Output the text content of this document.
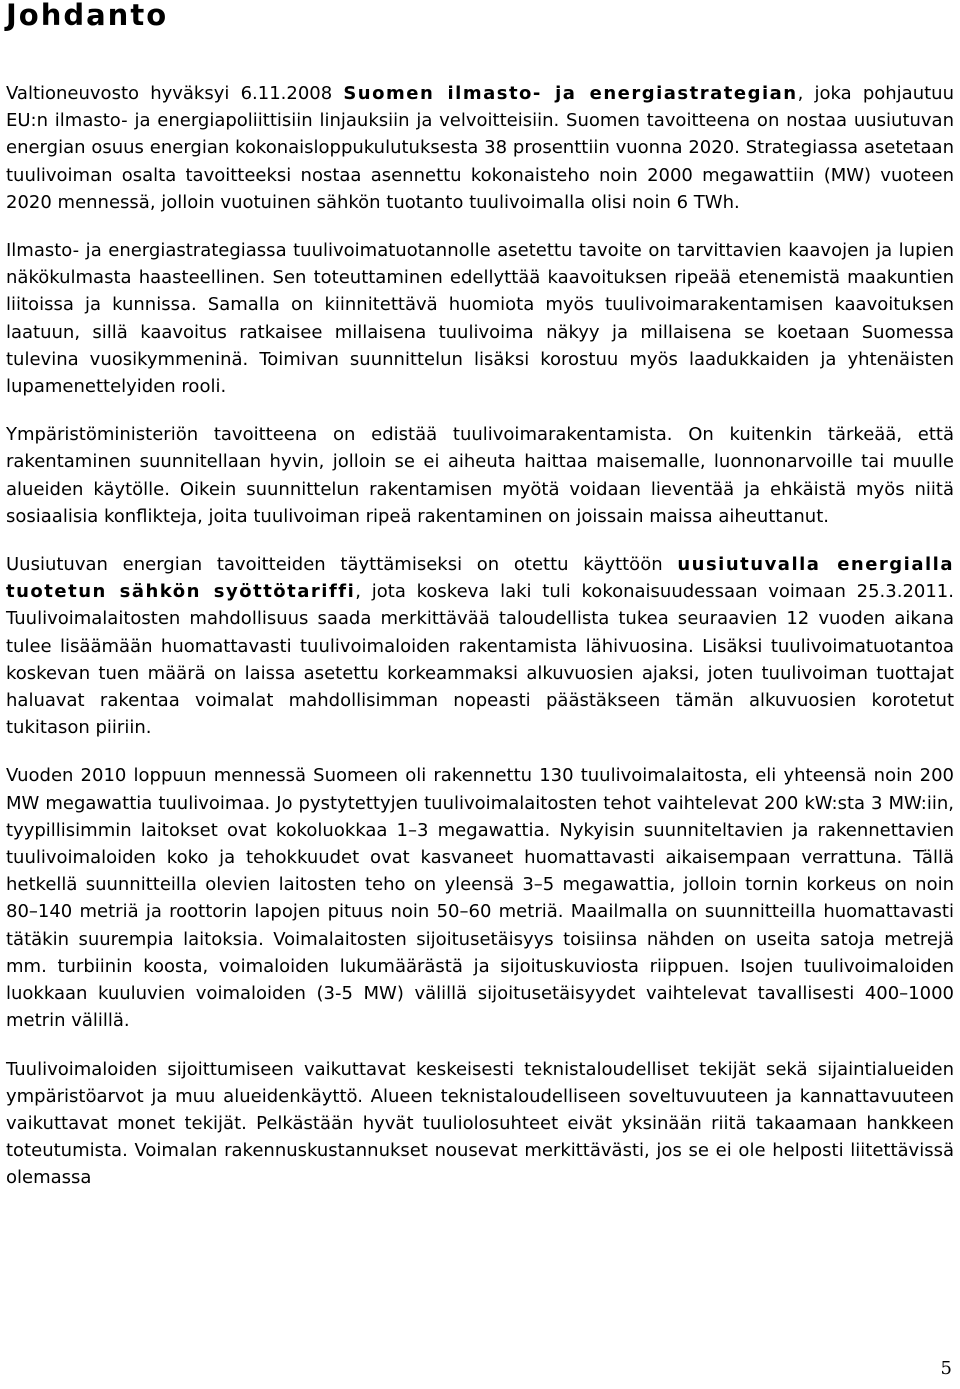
Johdanto

Valtioneuvosto hyväksyi 6.11.2008 Suomen ilmasto- ja energiastrategian, joka pohjautuu EU:n ilmasto- ja energiapoliittisiin linjauksiin ja velvoitteisiin. Suomen tavoitteena on nostaa uusiutuvan energian osuus energian kokonaisloppukulutuksesta 38 prosenttiin vuonna 2020. Strategiassa asetetaan tuulivoiman osalta tavoitteeksi nostaa asennettu kokonaisteho noin 2000 megawattiin (MW) vuoteen 2020 mennessä, jolloin vuotuinen sähkön tuotanto tuulivoimalla olisi noin 6 TWh.

Ilmasto- ja energiastrategiassa tuulivoimatuotannolle asetettu tavoite on tarvittavien kaavojen ja lupien näkökulmasta haasteellinen. Sen toteuttaminen edellyttää kaavoituksen ripeää etenemistä maakuntien liitoissa ja kunnissa. Samalla on kiinnitettävä huomiota myös tuulivoimarakentamisen kaavoituksen laatuun, sillä kaavoitus ratkaisee millaisena tuulivoima näkyy ja millaisena se koetaan Suomessa tulevina vuosikymmeninä. Toimivan suunnittelun lisäksi korostuu myös laadukkaiden ja yhtenäisten lupamenettelyiden rooli.

Ympäristöministeriön tavoitteena on edistää tuulivoimarakentamista. On kuitenkin tärkeää, että rakentaminen suunnitellaan hyvin, jolloin se ei aiheuta haittaa maisemalle, luonnonarvoille tai muulle alueiden käytölle. Oikein suunnittelun rakentamisen myötä voidaan lieventää ja ehkäistä myös niitä sosiaalisia konflikteja, joita tuulivoiman ripeä rakentaminen on joissain maissa aiheuttanut.

Uusiutuvan energian tavoitteiden täyttämiseksi on otettu käyttöön uusiutuvalla energialla tuotetun sähkön syöttötariffi, jota koskeva laki tuli kokonaisuudessaan voimaan 25.3.2011. Tuulivoimalaitosten mahdollisuus saada merkittävää taloudellista tukea seuraavien 12 vuoden aikana tulee lisäämään huomattavasti tuulivoimaloiden rakentamista lähivuosina. Lisäksi tuulivoimatuotantoa koskevan tuen määrä on laissa asetettu korkeammaksi alkuvuosien ajaksi, joten tuulivoiman tuottajat haluavat rakentaa voimalat mahdollisimman nopeasti päästäkseen tämän alkuvuosien korotetut tukitason piiriin.

Vuoden 2010 loppuun mennessä Suomeen oli rakennettu 130 tuulivoimalaitosta, eli yhteensä noin 200 MW megawattia tuulivoimaa. Jo pystytettyjen tuulivoimalaitosten tehot vaihtelevat 200 kW:sta 3 MW:iin, tyypillisimmin laitokset ovat kokoluokkaa 1–3 megawattia. Nykyisin suunniteltavien ja rakennettavien tuulivoimaloiden koko ja tehokkuudet ovat kasvaneet huomattavasti aikaisempaan verrattuna. Tällä hetkellä suunnitteilla olevien laitosten teho on yleensä 3–5 megawattia, jolloin tornin korkeus on noin 80–140 metriä ja roottorin lapojen pituus noin 50–60 metriä. Maailmalla on suunnitteilla huomattavasti tätäkin suurempia laitoksia. Voimalaitosten sijoitusetäisyys toisiinsa nähden on useita satoja metrejä mm. turbiinin koosta, voimaloiden lukumäärästä ja sijoituskuviosta riippuen. Isojen tuulivoimaloiden luokkaan kuuluvien voimaloiden (3-5 MW) välillä sijoitusetäisyydet vaihtelevat tavallisesti 400–1000 metrin välillä.

Tuulivoimaloiden sijoittumiseen vaikuttavat keskeisesti teknistaloudelliset tekijät sekä sijaintialueiden ympäristöarvot ja muu alueidenkäyttö. Alueen teknistaloudelliseen soveltuvuuteen ja kannattavuuteen vaikuttavat monet tekijät. Pelkästään hyvät tuuliolosuhteet eivät yksinään riitä takaamaan hankkeen toteutumista. Voimalan rakennuskustannukset nousevat merkittävästi, jos se ei ole helposti liitettävissä olemassa

5
